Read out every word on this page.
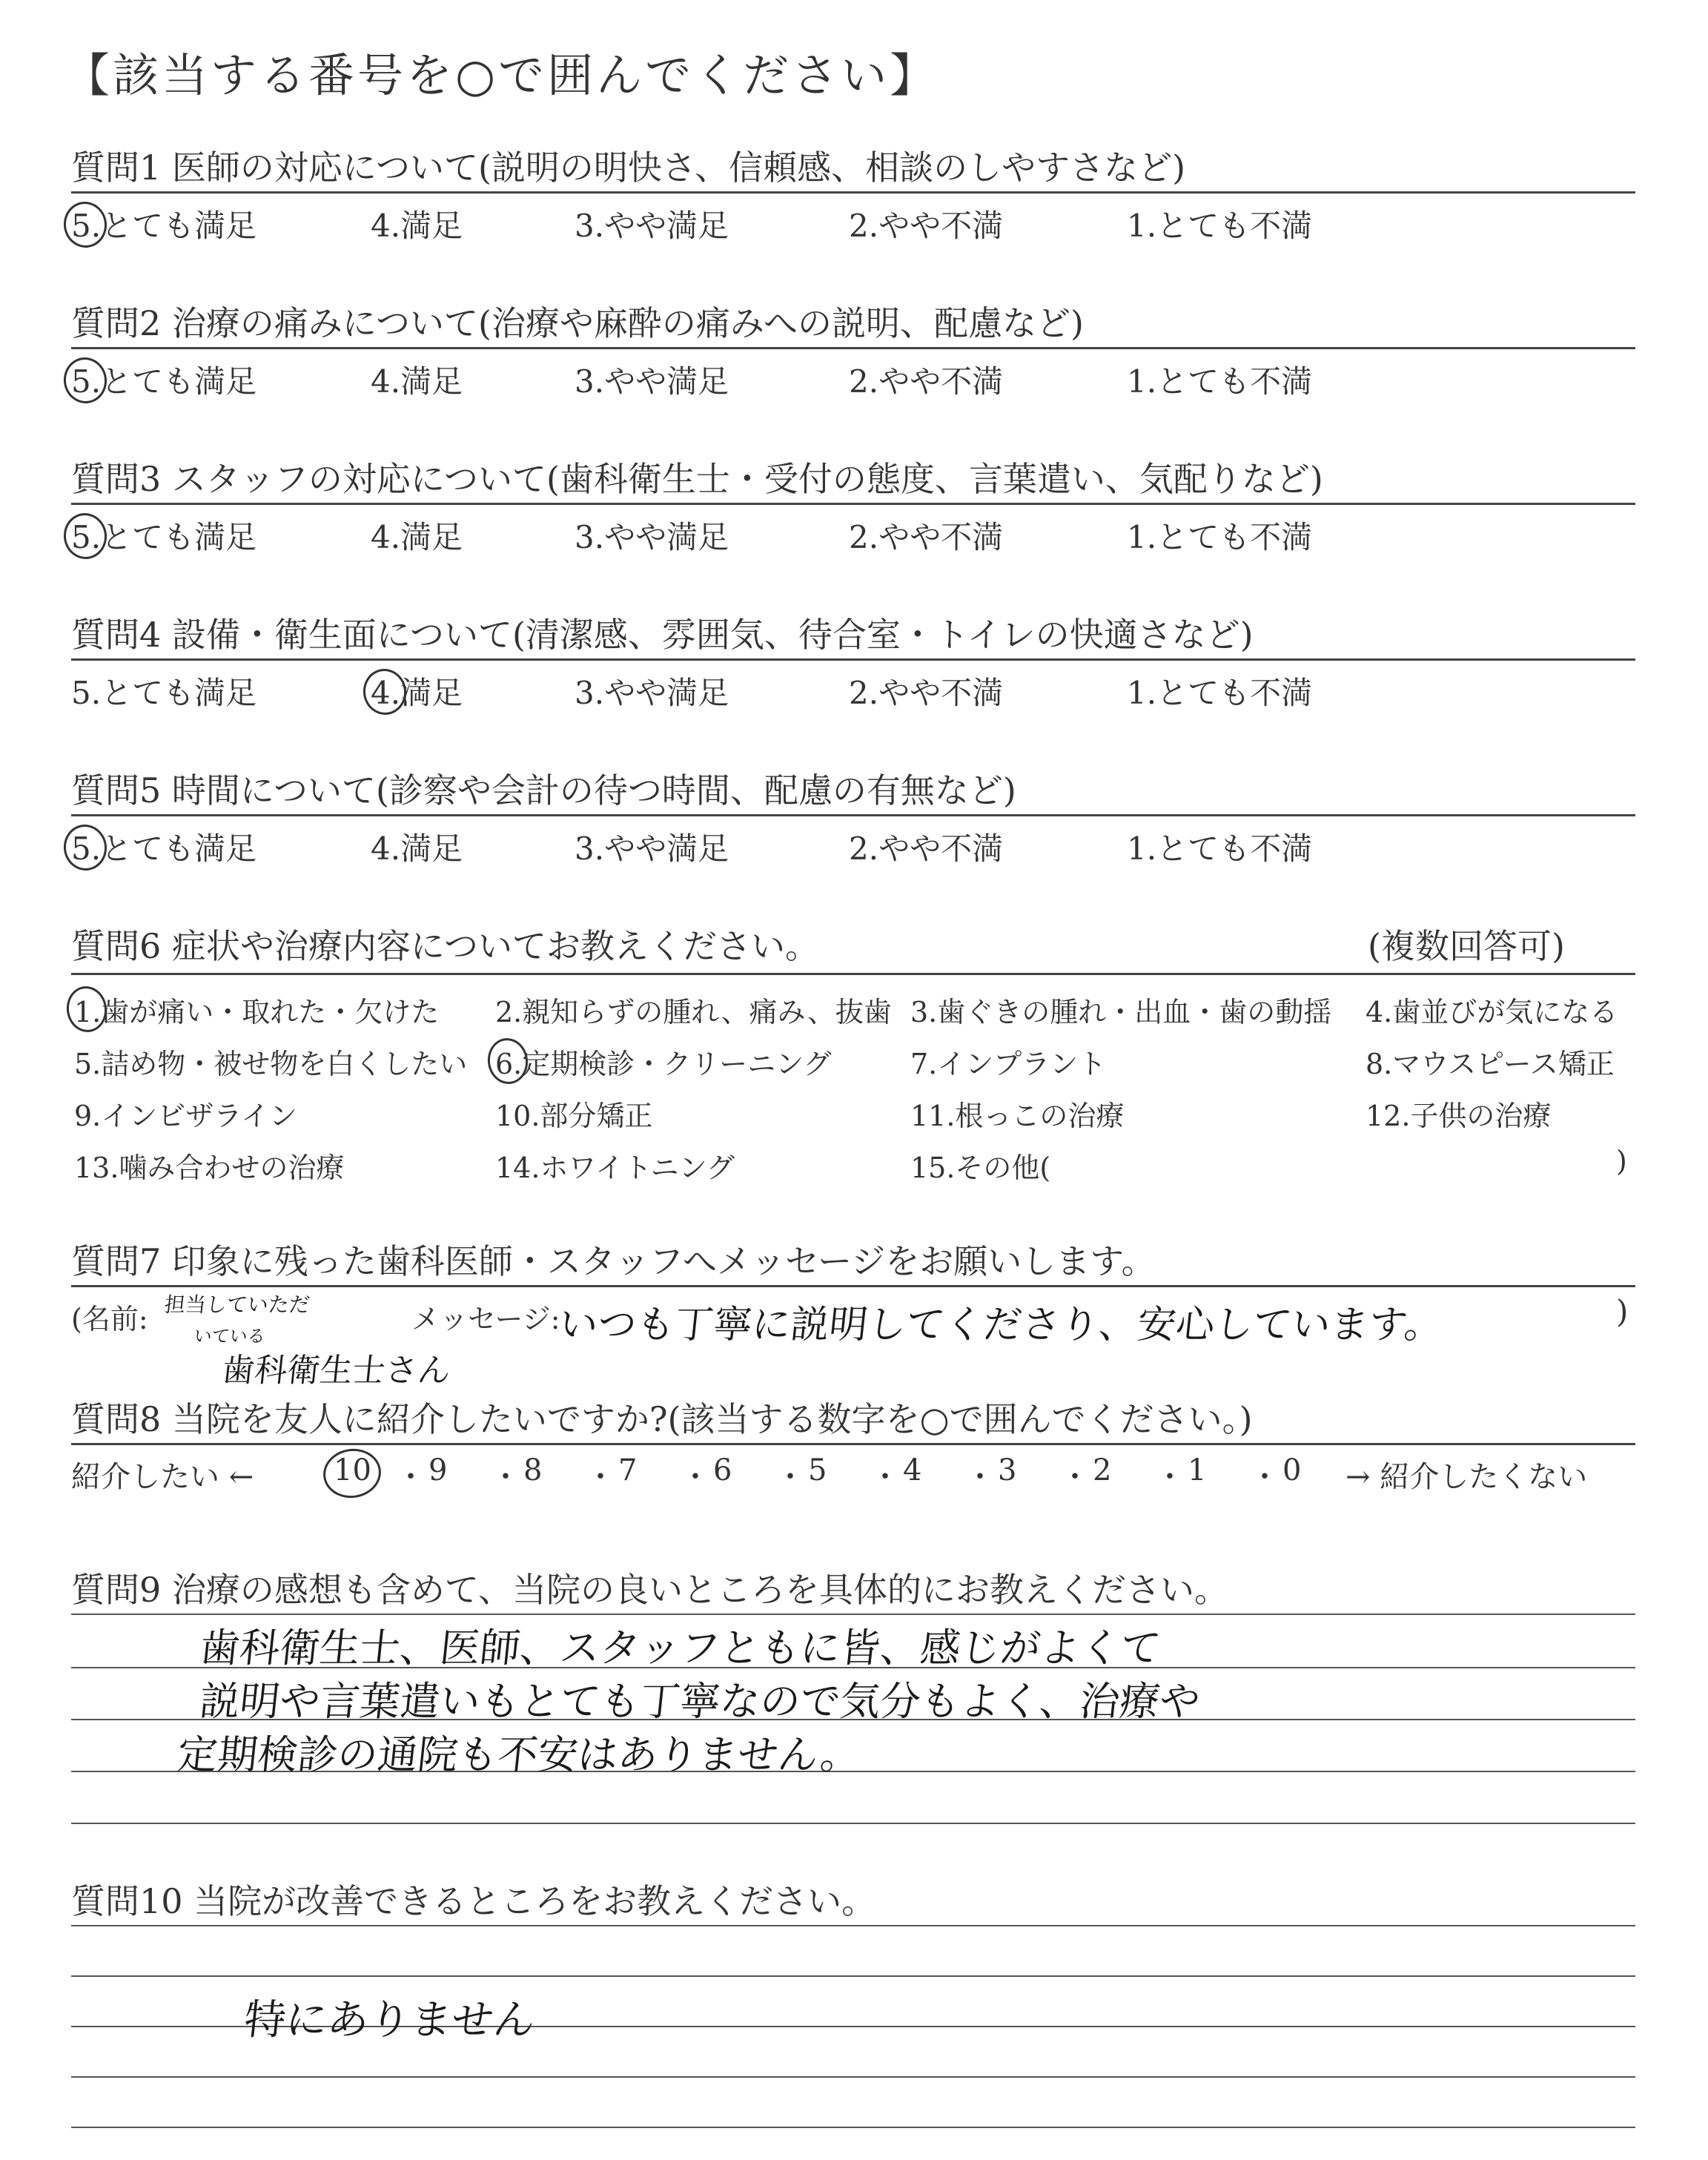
【該当する番号を○で囲んでください】
質問1 医師の対応について(説明の明快さ、信頼感、相談のしやすさなど)
5.とても満足	4.満足	3.やや満足	2.やや不満	1.とても不満
質問2 治療の痛みについて(治療や麻酔の痛みへの説明、配慮など)
5.とても満足	4.満足	3.やや満足	2.やや不満	1.とても不満
質問3 スタッフの対応について(歯科衛生士・受付の態度、言葉遣い、気配りなど)
5.とても満足	4.満足	3.やや満足	2.やや不満	1.とても不満
質問4 設備・衛生面について(清潔感、雰囲気、待合室・トイレの快適さなど)
5.とても満足	4.満足	3.やや満足	2.やや不満	1.とても不満
質問5 時間について(診察や会計の待つ時間、配慮の有無など)
5.とても満足	4.満足	3.やや満足	2.やや不満	1.とても不満
質問6 症状や治療内容についてお教えください。	(複数回答可)
1.歯が痛い・取れた・欠けた 2.親知らずの腫れ、痛み、抜歯 3.歯ぐきの腫れ・出血・歯の動揺 4.歯並びが気になる
5.詰め物・被せ物を白くしたい 6.定期検診・クリーニング	7.インプラント	8.マウスピース矯正
9.インビザライン	10.部分矯正	11.根っこの治療	12.子供の治療
13.噛み合わせの治療	14.ホワイトニング	15.その他(	)
質問7 印象に残った歯科医師・スタッフへメッセージをお願いします。
(名前: 担当していただ
いている
歯科衛生士さん
メッセージ:
いつも丁寧に説明してくださり、安心しています。	)
質問8 当院を友人に紹介したいですか?(該当する数字を○で囲んでください。)
紹介したい ←	10 ・ 9 ・ 8 ・ 7 ・ 6 ・ 5 ・ 4 ・ 3 ・ 2 ・ 1 ・ 0 → 紹介したくない
質問9 治療の感想も含めて、当院の良いところを具体的にお教えください。
歯科衛生士、医師、スタッフともに皆、感じがよくて
説明や言葉遣いもとても丁寧なので気分もよく、治療や
定期検診の通院も不安はありません。
質問10 当院が改善できるところをお教えください。
特にありません
